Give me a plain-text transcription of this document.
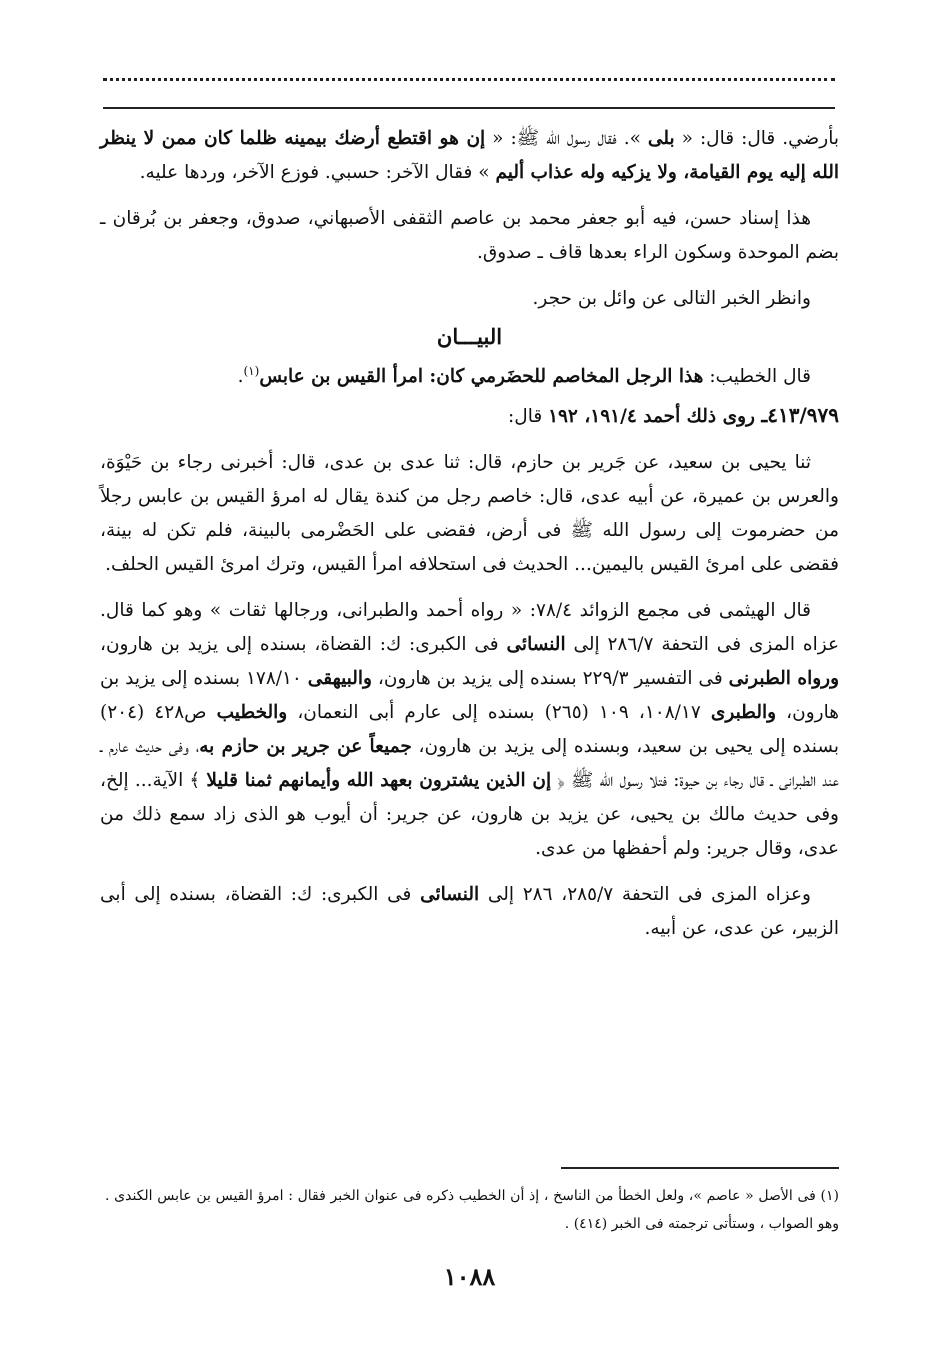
بأرضي. قال: قال: « بلى ». فقال رسول الله ﷺ: « إن هو اقتطع أرضك بيمينه ظلما كان ممن لا ينظر الله إليه يوم القيامة، ولا يزكيه وله عذاب أليم » فقال الآخر: حسبي. فوزع الآخر، وردها عليه.

هذا إسناد حسن، فيه أبو جعفر محمد بن عاصم الثقفى الأصبهاني، صدوق، وجعفر بن بُرقان ـ بضم الموحدة وسكون الراء بعدها قاف ـ صدوق.

وانظر الخبر التالى عن وائل بن حجر.

البيـــان

قال الخطيب: هذا الرجل المخاصم للحضَرمي كان: امرأ القيس بن عابس$^{(١)}$.

٤١٣/٩٧٩ـ روى ذلك أحمد ١٩١/٤، ١٩٢ قال:

ثنا يحيى بن سعيد، عن جَرير بن حازم، قال: ثنا عدى بن عدى، قال: أخبرنى رجاء بن حَيْوَة، والعرس بن عميرة، عن أبيه عدى، قال: خاصم رجل من كندة يقال له امرؤ القيس بن عابس رجلاً من حضرموت إلى رسول الله ﷺ فى أرض، فقضى على الحَضْرمى بالبينة، فلم تكن له بينة، فقضى على امرئ القيس باليمين... الحديث فى استحلافه امرأ القيس، وترك امرئ القيس الحلف.

قال الهيثمى فى مجمع الزوائد ٧٨/٤: « رواه أحمد والطبرانى، ورجالها ثقات » وهو كما قال. عزاه المزى فى التحفة ٢٨٦/٧ إلى النسائى فى الكبرى: ك: القضاة، بسنده إلى يزيد بن هارون، ورواه الطبرنى فى التفسير ٢٢٩/٣ بسنده إلى يزيد بن هارون، والبيهقى ١٧٨/١٠ بسنده إلى يزيد بن هارون، والطبرى ١٠٨/١٧، ١٠٩ (٢٦٥) بسنده إلى عارم أبى النعمان، والخطيب ص٤٢٨ (٢٠٤) بسنده إلى يحيى بن سعيد، وبسنده إلى يزيد بن هارون، جميعاً عن جرير بن حازم به، وفى حديث عارم ـ عند الطبرانى ـ قال رجاء بن حيوة: فتلا رسول الله ﷺ ﴿ إن الذين يشترون بعهد الله وأيمانهم ثمنا قليلا ﴾ الآية... إلخ، وفى حديث مالك بن يحيى، عن يزيد بن هارون، عن جرير: أن أيوب هو الذى زاد سمع ذلك من عدى، وقال جرير: ولم أحفظها من عدى.

وعزاه المزى فى التحفة ٢٨٥/٧، ٢٨٦ إلى النسائى فى الكبرى: ك: القضاة، بسنده إلى أبى الزبير، عن عدى، عن أبيه.

(١) فى الأصل « عاصم »، ولعل الخطأ من الناسخ ، إذ أن الخطيب ذكره فى عنوان الخبر فقال : امرؤ القيس بن عابس الكندى . وهو الصواب ، وستأتى ترجمته فى الخبر (٤١٤) .
١٠٨٨
